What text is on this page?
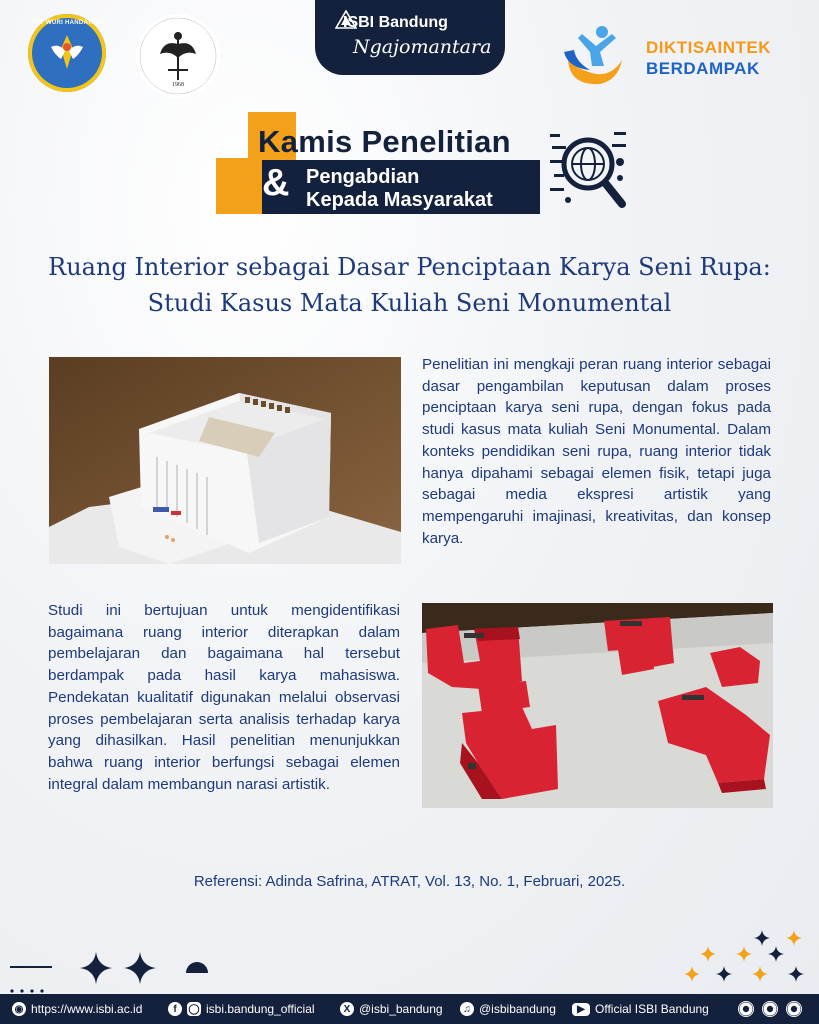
TUT WURI HANDAYANI
1968
ISBI Bandung
Ngajomantara	DIKTISAINTEK
BERDAMPAK
Kamis Penelitian
Pengabdian
Kepada Masyarakat
&
Ruang Interior sebagai Dasar Penciptaan Karya Seni Rupa:
Studi Kasus Mata Kuliah Seni Monumental
Penelitian ini mengkaji peran ruang interior sebagai dasar pengambilan keputusan dalam proses penciptaan karya seni rupa, dengan fokus pada studi kasus mata kuliah Seni Monumental. Dalam konteks pendidikan seni rupa, ruang interior tidak hanya dipahami sebagai elemen fisik, tetapi juga sebagai media ekspresi artistik yang mempengaruhi imajinasi, kreativitas, dan konsep karya.
Studi ini bertujuan untuk mengidentifikasi bagaimana ruang interior diterapkan dalam pembelajaran dan bagaimana hal tersebut berdampak pada hasil karya mahasiswa. Pendekatan kualitatif digunakan melalui observasi proses pembelajaran serta analisis terhadap karya yang dihasilkan. Hasil penelitian menunjukkan bahwa ruang interior berfungsi sebagai elemen integral dalam membangun narasi artistik.
Referensi: Adinda Safrina, ATRAT, Vol. 13, No. 1, Februari, 2025.
◉ https://www.isbi.ac.id	f	◯ isbi.bandung_official	X @isbi_bandung	♫ @isbibandung	▶ Official ISBI Bandung
